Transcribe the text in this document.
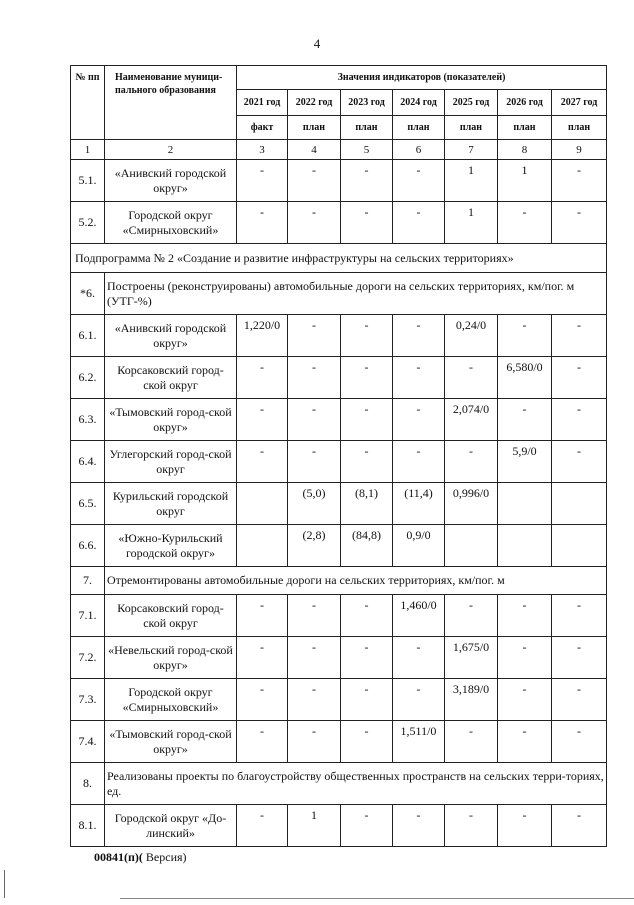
4
№ пп	Наименование муници-пального образования	Значения индикаторов (показателей)						
		2021 год	2022 год	2023 год	2024 год	2025 год	2026 год	2027 год
		факт	план	план	план	план	план	план
1	2	3	4	5	6	7	8	9
5.1.	«Анивский городской округ»	-	-	-	-	1	1	-
5.2.	Городской округ «Смирныховский»	-	-	-	-	1	-	-
Подпрограмма № 2 «Создание и развитие инфраструктуры на сельских территориях»								
*6.	Построены (реконструированы) автомобильные дороги на сельских территориях, км/пог. м (УТГ-%)							
6.1.	«Анивский городской округ»	1,220/0	-	-	-	0,24/0	-	-
6.2.	Корсаковский город-ской округ	-	-	-	-	-	6,580/0	-
6.3.	«Тымовский город-ской округ»	-	-	-	-	2,074/0	-	-
6.4.	Углегорский город-ской округ	-	-	-	-	-	5,9/0	-
6.5.	Курильский городской округ		(5,0)	(8,1)	(11,4)	0,996/0		
6.6.	«Южно-Курильский городской округ»		(2,8)	(84,8)	0,9/0			
7.	Отремонтированы автомобильные дороги на сельских территориях, км/пог. м							
7.1.	Корсаковский город-ской округ	-	-	-	1,460/0	-	-	-
7.2.	«Невельский город-ской округ»	-	-	-	-	1,675/0	-	-
7.3.	Городской округ «Смирныховский»	-	-	-	-	3,189/0	-	-
7.4.	«Тымовский город-ской округ»	-	-	-	1,511/0	-	-	-
8.	Реализованы проекты по благоустройству общественных пространств на сельских терри-ториях, ед.							
8.1.	Городской округ «До-линский»	-	1	-	-	-	-	-
00841(п)( Версия)
